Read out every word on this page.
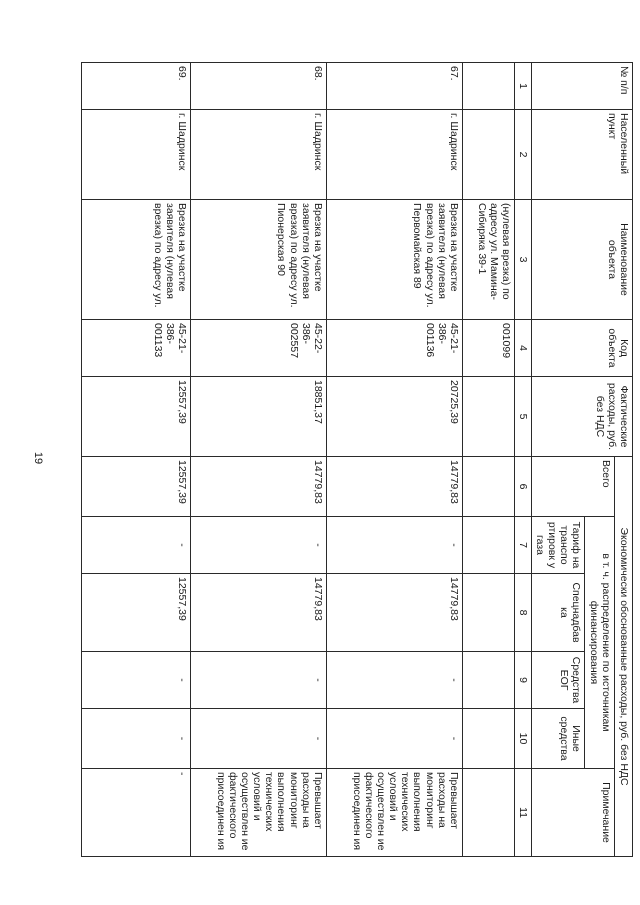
19
№ п/п	Населенный пункт	Наименование объекта	Код объекта	Фактические расходы, руб. без НДС	Экономически обоснованные расходы, руб. без НДС					
					Всего	в т. ч. распределение по источникам финансирования				Примечание
						Тариф на транспо ртировк у газа	Спецнадбав ка	Средства ЕОГ	Иные средства	
1	2	3	4	5	6	7	8	9	10	11
		(нулевая врезка) по адресу ул. Мамина-Сибиряка 39-1	001099							
67.	г. Шадринск	Врезка на участке заявителя (нулевая врезка) по адресу ул. Первомайская 89	45-21-386-001136	20725,39	14779,83	-	14779,83	-	-	Превышает расходы на мониторинг выполнения технических условий и осуществлен ие фактического присоединен ия
68.	г. Шадринск	Врезка на участке заявителя (нулевая врезка) по адресу ул. Пионерская 90	45-22-386-002557	18851,37	14779,83	-	14779,83	-	-	Превышает расходы на мониторинг выполнения технических условий и осуществлен ие фактического присоединен ия
69.	г. Шадринск	Врезка на участке заявителя (нулевая врезка) по адресу ул.	45-21-386-001133	12557,39	12557,39	-	12557,39	-	-	-
